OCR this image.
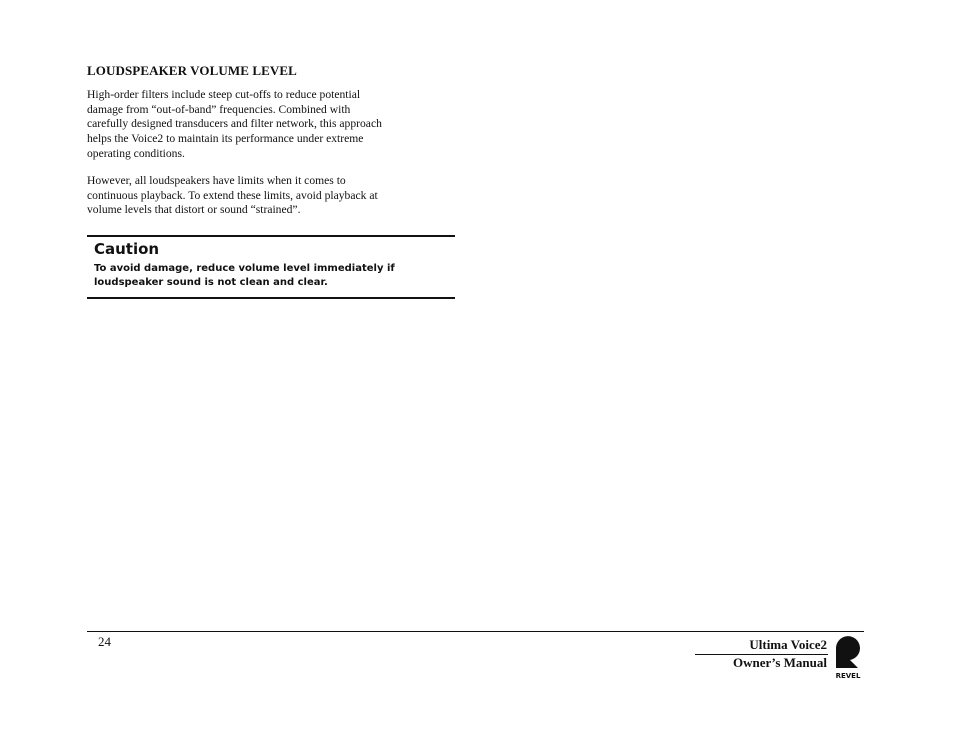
LOUDSPEAKER VOLUME LEVEL

High-order filters include steep cut-offs to reduce potential
damage from “out-of-band” frequencies. Combined with
carefully designed transducers and filter network, this approach
helps the Voice2 to maintain its performance under extreme
operating conditions.

However, all loudspeakers have limits when it comes to
continuous playback. To extend these limits, avoid playback at
volume levels that distort or sound “strained”.

Caution
To avoid damage, reduce volume level immediately if
loudspeaker sound is not clean and clear.
24	Ultima Voice2
Owner’s Manual
REVEL
